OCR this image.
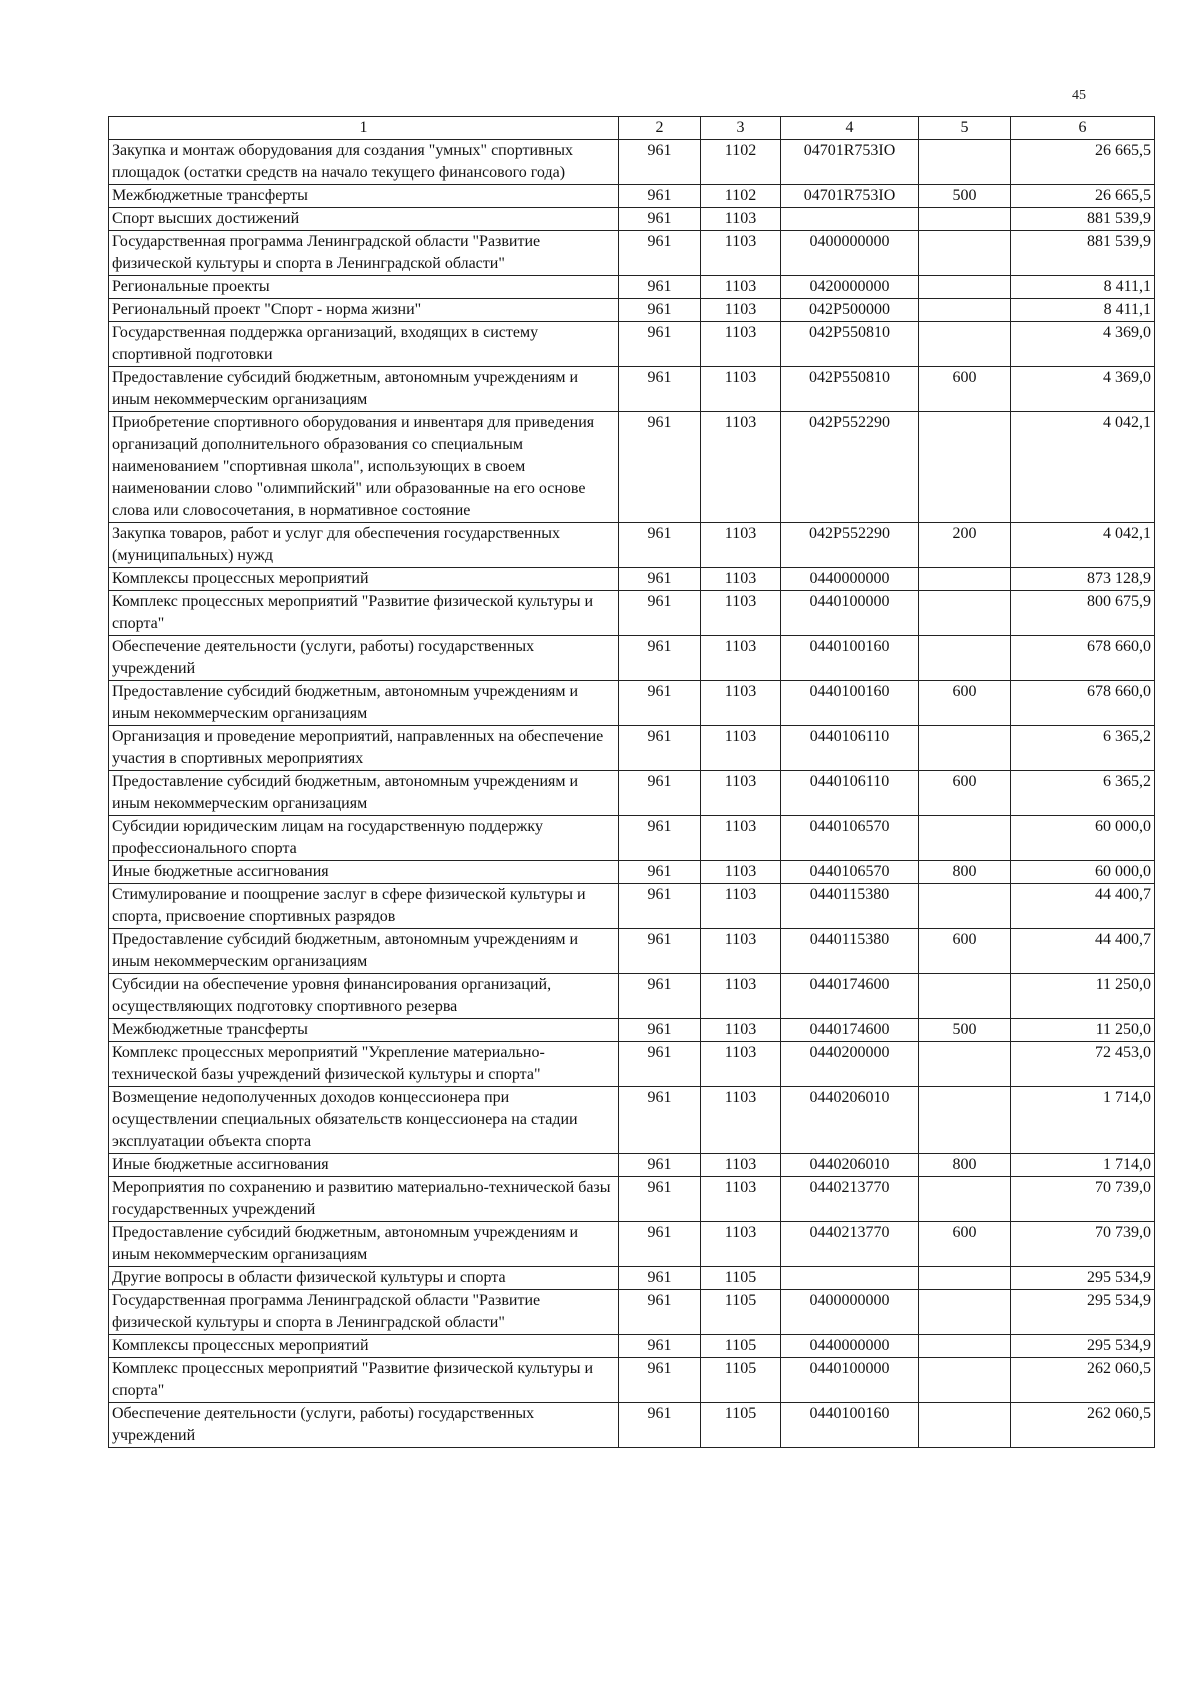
45
1	2	3	4	5	6
Закупка и монтаж оборудования для создания "умных" спортивных площадок (остатки средств на начало текущего финансового года)	961	1102	04701R753IO		26 665,5
Межбюджетные трансферты	961	1102	04701R753IO	500	26 665,5
Спорт высших достижений	961	1103			881 539,9
Государственная программа Ленинградской области "Развитие физической культуры и спорта в Ленинградской области"	961	1103	0400000000		881 539,9
Региональные проекты	961	1103	0420000000		8 411,1
Региональный проект "Спорт - норма жизни"	961	1103	042P500000		8 411,1
Государственная поддержка организаций, входящих в систему спортивной подготовки	961	1103	042P550810		4 369,0
Предоставление субсидий бюджетным, автономным учреждениям и иным некоммерческим организациям	961	1103	042P550810	600	4 369,0
Приобретение спортивного оборудования и инвентаря для приведения организаций дополнительного образования со специальным наименованием "спортивная школа", использующих в своем наименовании слово "олимпийский" или образованные на его основе слова или словосочетания, в нормативное состояние	961	1103	042P552290		4 042,1
Закупка товаров, работ и услуг для обеспечения государственных (муниципальных) нужд	961	1103	042P552290	200	4 042,1
Комплексы процессных мероприятий	961	1103	0440000000		873 128,9
Комплекс процессных мероприятий "Развитие физической культуры и спорта"	961	1103	0440100000		800 675,9
Обеспечение деятельности (услуги, работы) государственных учреждений	961	1103	0440100160		678 660,0
Предоставление субсидий бюджетным, автономным учреждениям и иным некоммерческим организациям	961	1103	0440100160	600	678 660,0
Организация и проведение мероприятий, направленных на обеспечение участия в спортивных мероприятиях	961	1103	0440106110		6 365,2
Предоставление субсидий бюджетным, автономным учреждениям и иным некоммерческим организациям	961	1103	0440106110	600	6 365,2
Субсидии юридическим лицам на государственную поддержку профессионального спорта	961	1103	0440106570		60 000,0
Иные бюджетные ассигнования	961	1103	0440106570	800	60 000,0
Стимулирование и поощрение заслуг в сфере физической культуры и спорта, присвоение спортивных разрядов	961	1103	0440115380		44 400,7
Предоставление субсидий бюджетным, автономным учреждениям и иным некоммерческим организациям	961	1103	0440115380	600	44 400,7
Субсидии на обеспечение уровня финансирования организаций, осуществляющих подготовку спортивного резерва	961	1103	0440174600		11 250,0
Межбюджетные трансферты	961	1103	0440174600	500	11 250,0
Комплекс процессных мероприятий "Укрепление материально-технической базы учреждений физической культуры и спорта"	961	1103	0440200000		72 453,0
Возмещение недополученных доходов концессионера при осуществлении специальных обязательств концессионера на стадии эксплуатации объекта спорта	961	1103	0440206010		1 714,0
Иные бюджетные ассигнования	961	1103	0440206010	800	1 714,0
Мероприятия по сохранению и развитию материально-технической базы государственных учреждений	961	1103	0440213770		70 739,0
Предоставление субсидий бюджетным, автономным учреждениям и иным некоммерческим организациям	961	1103	0440213770	600	70 739,0
Другие вопросы в области физической культуры и спорта	961	1105			295 534,9
Государственная программа Ленинградской области "Развитие физической культуры и спорта в Ленинградской области"	961	1105	0400000000		295 534,9
Комплексы процессных мероприятий	961	1105	0440000000		295 534,9
Комплекс процессных мероприятий "Развитие физической культуры и спорта"	961	1105	0440100000		262 060,5
Обеспечение деятельности (услуги, работы) государственных учреждений	961	1105	0440100160		262 060,5
